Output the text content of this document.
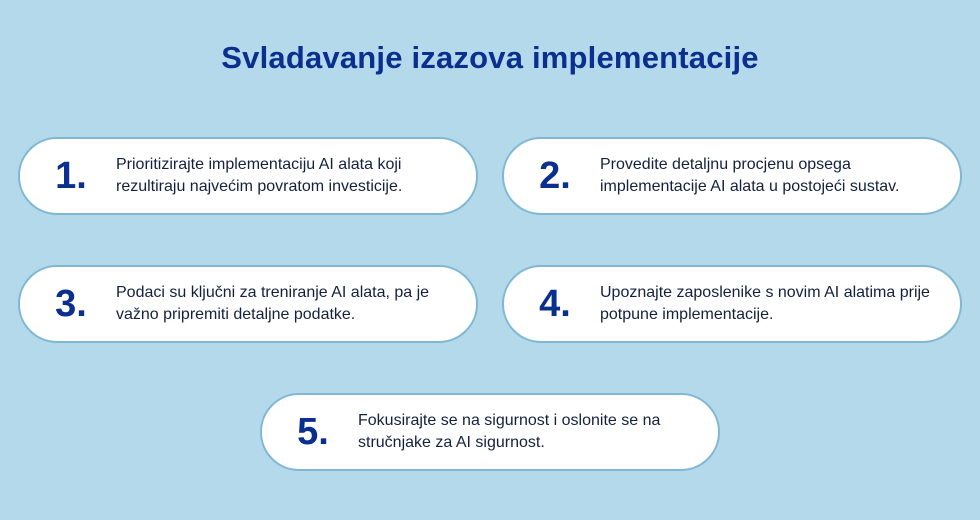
Svladavanje izazova implementacije
1.	Prioritizirajte implementaciju AI alata koji rezultiraju najvećim povratom investicije.	2.	Provedite detaljnu procjenu opsega implementacije AI alata u postojeći sustav.
3.	Podaci su ključni za treniranje AI alata, pa je važno pripremiti detaljne podatke.	4.	Upoznajte zaposlenike s novim AI alatima prije potpune implementacije.
5.	Fokusirajte se na sigurnost i oslonite se na stručnjake za AI sigurnost.
